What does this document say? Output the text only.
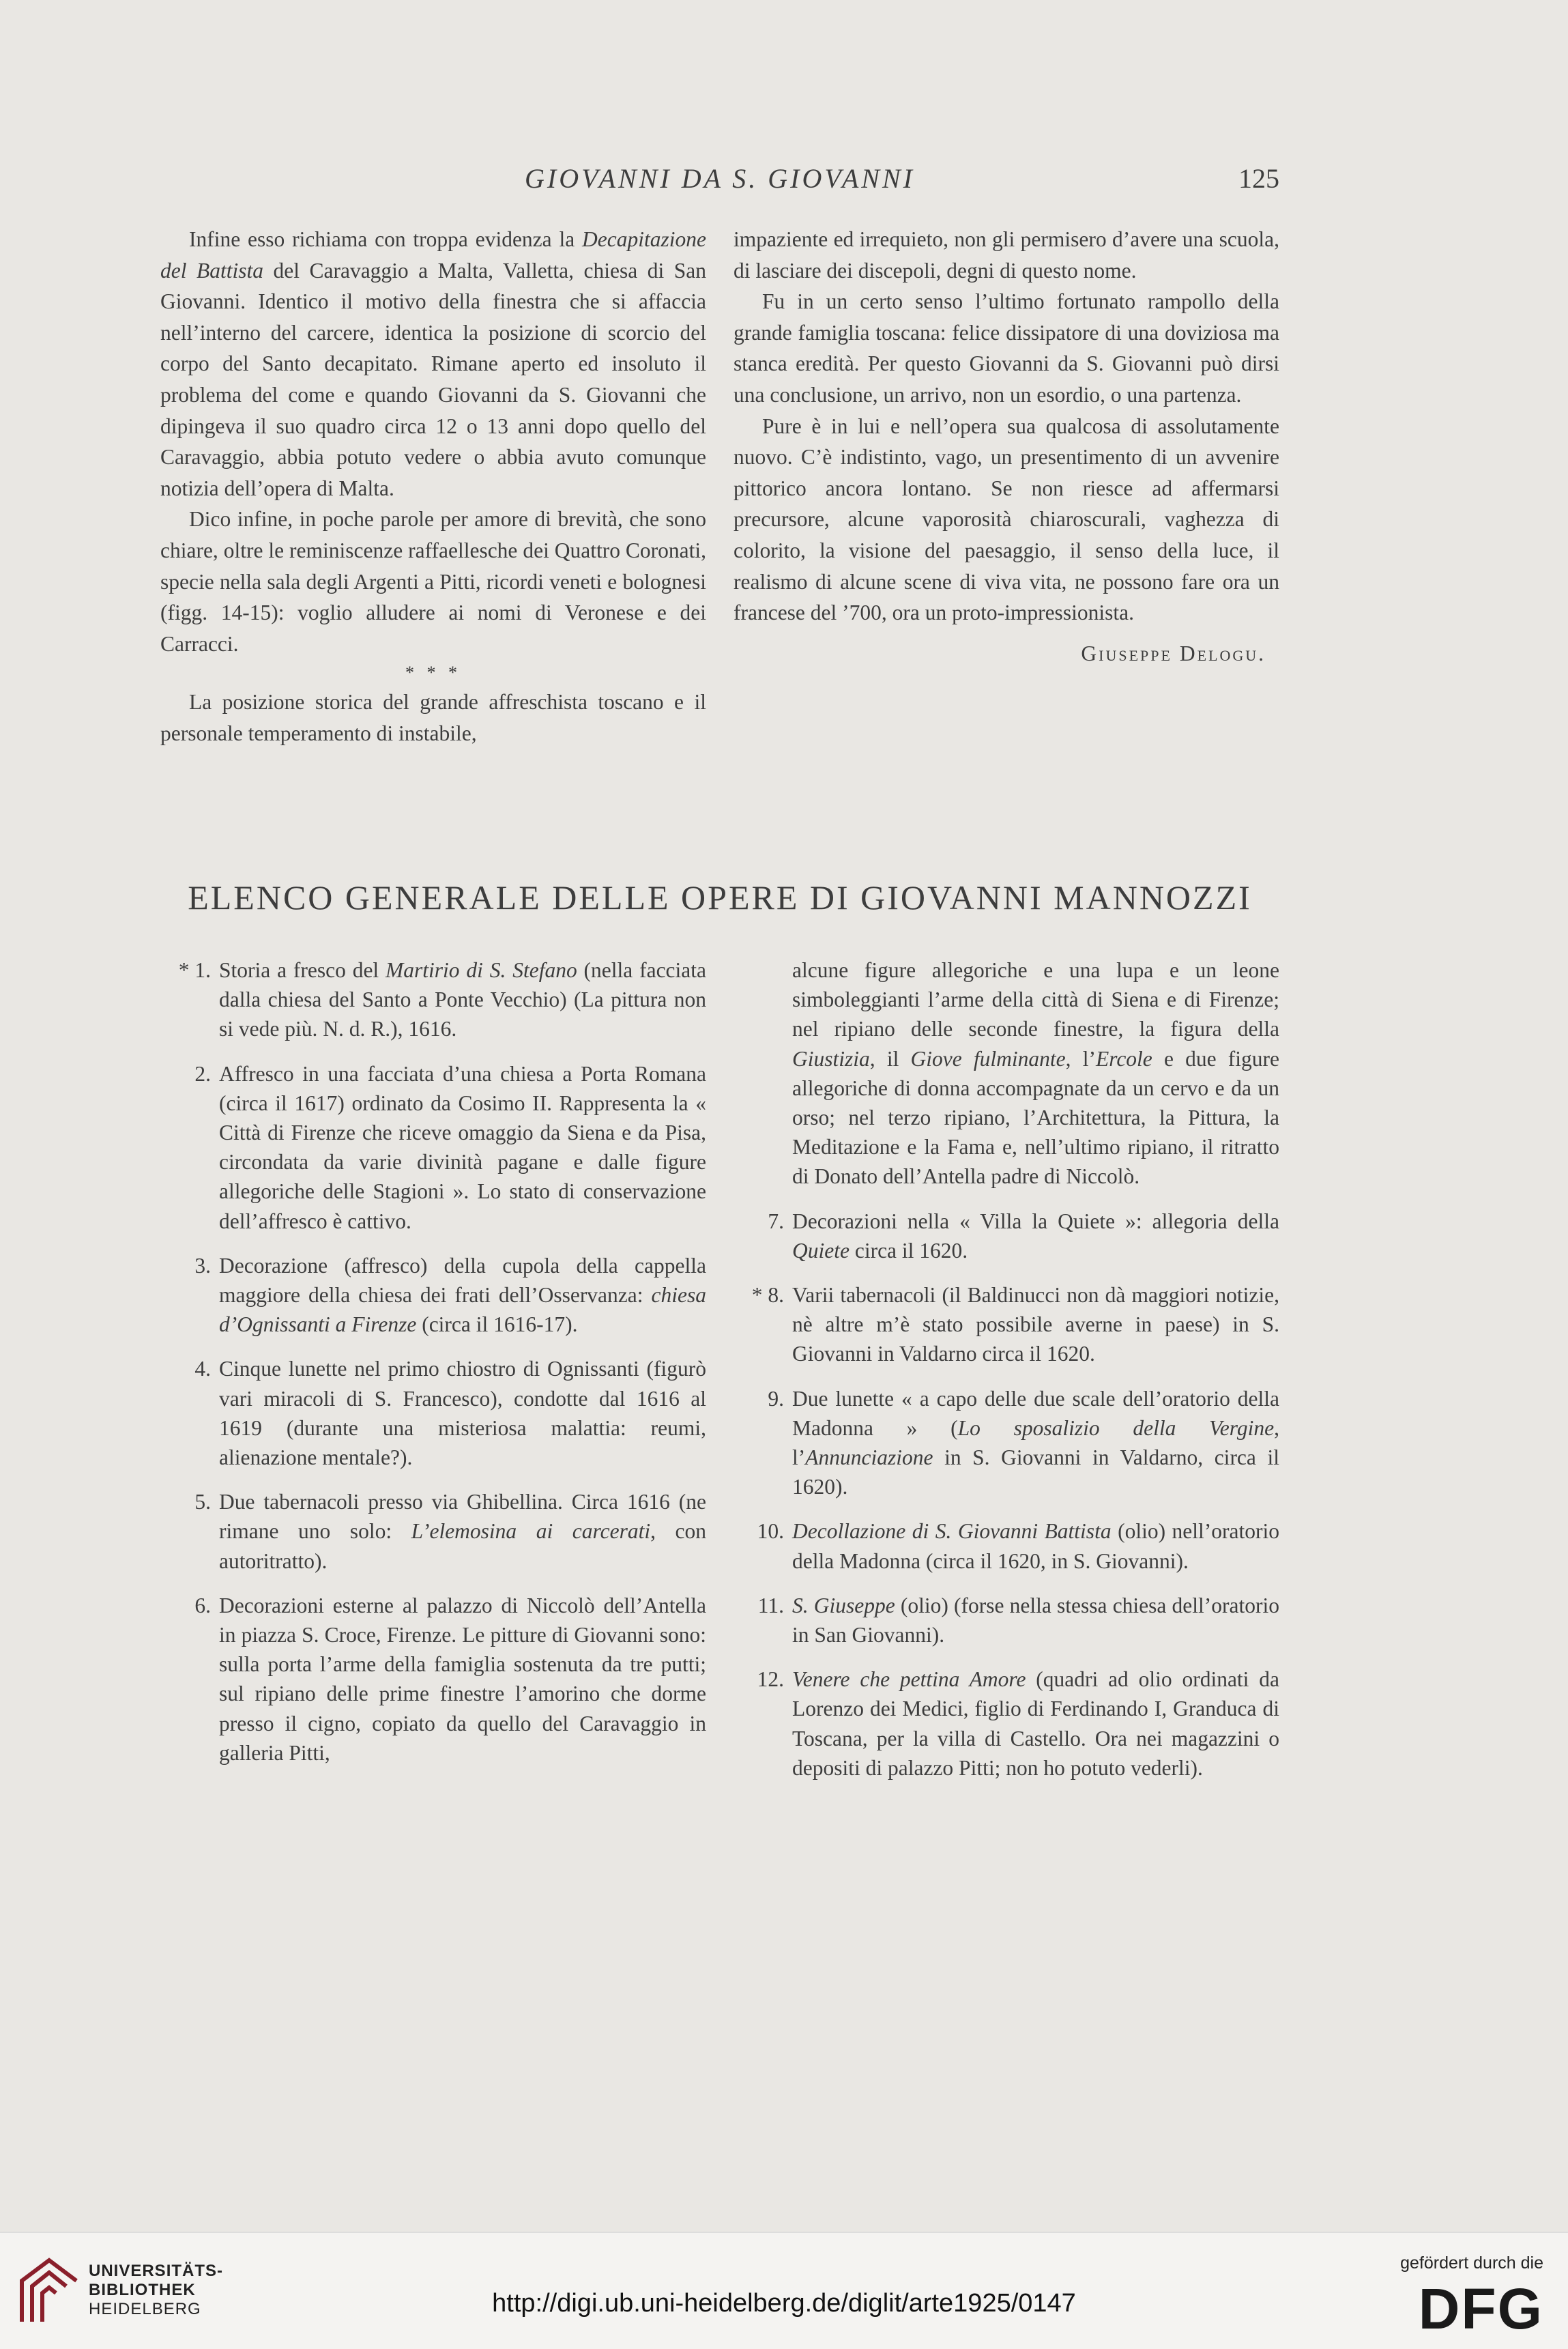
GIOVANNI DA S. GIOVANNI	125

Infine esso richiama con troppa evidenza la Decapitazione del Battista del Caravaggio a Malta, Valletta, chiesa di San Giovanni. Identico il motivo della finestra che si affaccia nell’interno del carcere, identica la posizione di scorcio del corpo del Santo decapitato. Rimane aperto ed insoluto il problema del come e quando Giovanni da S. Giovanni che dipingeva il suo quadro circa 12 o 13 anni dopo quello del Caravaggio, abbia potuto vedere o abbia avuto comunque notizia dell’opera di Malta.

Dico infine, in poche parole per amore di brevità, che sono chiare, oltre le reminiscenze raffaellesche dei Quattro Coronati, specie nella sala degli Argenti a Pitti, ricordi veneti e bolognesi (figg. 14-15): voglio alludere ai nomi di Veronese e dei Carracci.

* * *

La posizione storica del grande affreschista toscano e il personale temperamento di instabile,

impaziente ed irrequieto, non gli permisero d’avere una scuola, di lasciare dei discepoli, degni di questo nome.

Fu in un certo senso l’ultimo fortunato rampollo della grande famiglia toscana: felice dissipatore di una doviziosa ma stanca eredità. Per questo Giovanni da S. Giovanni può dirsi una conclusione, un arrivo, non un esordio, o una partenza.

Pure è in lui e nell’opera sua qualcosa di assolutamente nuovo. C’è indistinto, vago, un presentimento di un avvenire pittorico ancora lontano. Se non riesce ad affermarsi precursore, alcune vaporosità chiaroscurali, vaghezza di colorito, la visione del paesaggio, il senso della luce, il realismo di alcune scene di viva vita, ne possono fare ora un francese del ’700, ora un proto-impressionista.

Giuseppe Delogu.

ELENCO GENERALE DELLE OPERE DI GIOVANNI MANNOZZI
* 1. Storia a fresco del Martirio di S. Stefano (nella facciata dalla chiesa del Santo a Ponte Vecchio) (La pittura non si vede più. N. d. R.), 1616.
2. Affresco in una facciata d’una chiesa a Porta Romana (circa il 1617) ordinato da Cosimo II. Rappresenta la « Città di Firenze che riceve omaggio da Siena e da Pisa, circondata da varie divinità pagane e dalle figure allegoriche delle Stagioni ». Lo stato di conservazione dell’affresco è cattivo.
3. Decorazione (affresco) della cupola della cappella maggiore della chiesa dei frati dell’Osservanza: chiesa d’Ognissanti a Firenze (circa il 1616-17).
4. Cinque lunette nel primo chiostro di Ognissanti (figurò vari miracoli di S. Francesco), condotte dal 1616 al 1619 (durante una misteriosa malattia: reumi, alienazione mentale?).
5. Due tabernacoli presso via Ghibellina. Circa 1616 (ne rimane uno solo: L’elemosina ai carcerati, con autoritratto).
6. Decorazioni esterne al palazzo di Niccolò dell’Antella in piazza S. Croce, Firenze. Le pitture di Giovanni sono: sulla porta l’arme della famiglia sostenuta da tre putti; sul ripiano delle prime finestre l’amorino che dorme presso il cigno, copiato da quello del Caravaggio in galleria Pitti,
alcune figure allegoriche e una lupa e un leone simboleggianti l’arme della città di Siena e di Firenze; nel ripiano delle seconde finestre, la figura della Giustizia, il Giove fulminante, l’Ercole e due figure allegoriche di donna accompagnate da un cervo e da un orso; nel terzo ripiano, l’Architettura, la Pittura, la Meditazione e la Fama e, nell’ultimo ripiano, il ritratto di Donato dell’Antella padre di Niccolò.
7. Decorazioni nella « Villa la Quiete »: allegoria della Quiete circa il 1620.
* 8. Varii tabernacoli (il Baldinucci non dà maggiori notizie, nè altre m’è stato possibile averne in paese) in S. Giovanni in Valdarno circa il 1620.
9. Due lunette « a capo delle due scale dell’oratorio della Madonna » (Lo sposalizio della Vergine, l’Annunciazione in S. Giovanni in Valdarno, circa il 1620).
10. Decollazione di S. Giovanni Battista (olio) nell’oratorio della Madonna (circa il 1620, in S. Giovanni).
11. S. Giuseppe (olio) (forse nella stessa chiesa dell’oratorio in San Giovanni).
12. Venere che pettina Amore (quadri ad olio ordinati da Lorenzo dei Medici, figlio di Ferdinando I, Granduca di Toscana, per la villa di Castello. Ora nei magazzini o depositi di palazzo Pitti; non ho potuto vederli).
UNIVERSITÄTS-
BIBLIOTHEK
HEIDELBERG	http://digi.ub.uni-heidelberg.de/diglit/arte1925/0147
gefördert durch die
DFG
